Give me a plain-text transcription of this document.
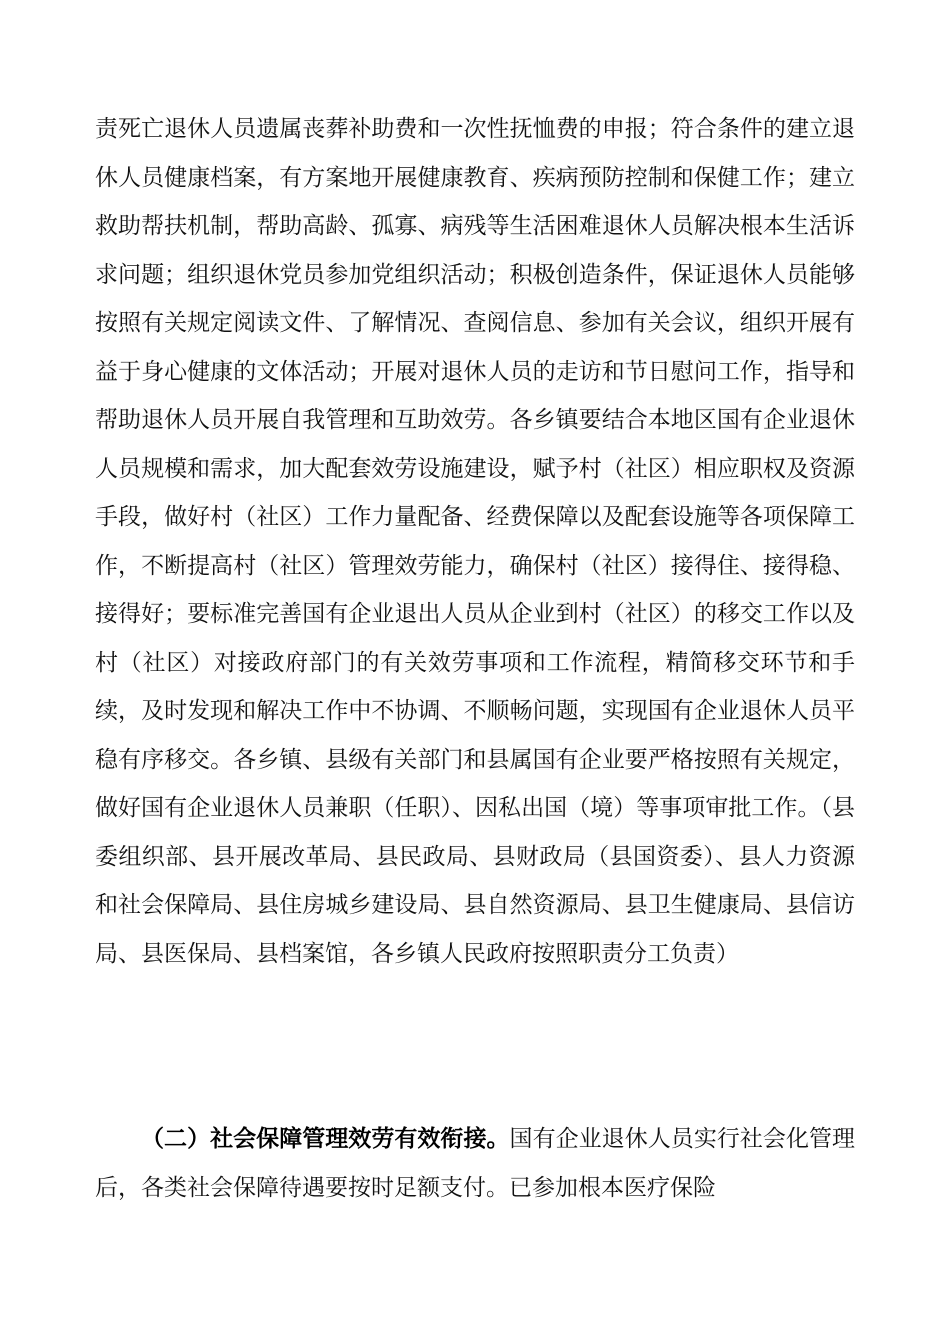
责死亡退休人员遗属丧葬补助费和一次性抚恤费的申报；符合条件的建立退休人员健康档案，有方案地开展健康教育、疾病预防控制和保健工作；建立救助帮扶机制，帮助高龄、孤寡、病残等生活困难退休人员解决根本生活诉求问题；组织退休党员参加党组织活动；积极创造条件，保证退休人员能够按照有关规定阅读文件、了解情况、查阅信息、参加有关会议，组织开展有益于身心健康的文体活动；开展对退休人员的走访和节日慰问工作，指导和帮助退休人员开展自我管理和互助效劳。各乡镇要结合本地区国有企业退休人员规模和需求，加大配套效劳设施建设，赋予村（社区）相应职权及资源手段，做好村（社区）工作力量配备、经费保障以及配套设施等各项保障工作，不断提高村（社区）管理效劳能力，确保村（社区）接得住、接得稳、接得好；要标准完善国有企业退出人员从企业到村（社区）的移交工作以及村（社区）对接政府部门的有关效劳事项和工作流程，精简移交环节和手续，及时发现和解决工作中不协调、不顺畅问题，实现国有企业退休人员平稳有序移交。各乡镇、县级有关部门和县属国有企业要严格按照有关规定，做好国有企业退休人员兼职（任职）、因私出国（境）等事项审批工作。（县委组织部、县开展改革局、县民政局、县财政局（县国资委）、县人力资源和社会保障局、县住房城乡建设局、县自然资源局、县卫生健康局、县信访局、县医保局、县档案馆，各乡镇人民政府按照职责分工负责）

（二）社会保障管理效劳有效衔接。国有企业退休人员实行社会化管理后，各类社会保障待遇要按时足额支付。已参加根本医疗保险
